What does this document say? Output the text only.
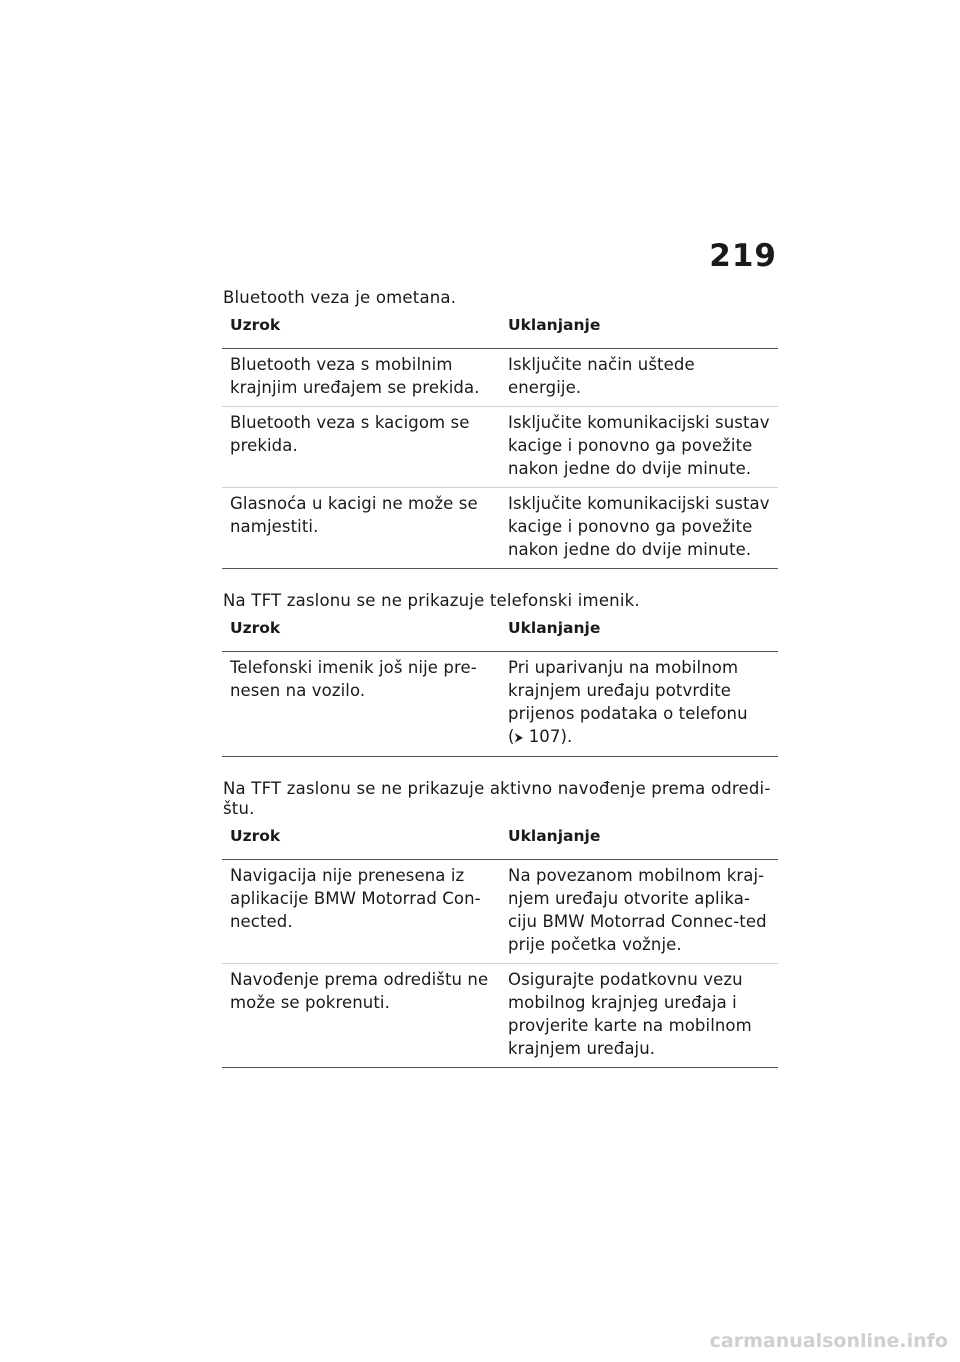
219

Bluetooth veza je ometana.

Uzrok	Uklanjanje
Bluetooth veza s mobilnim krajnjim uređajem se prekida.	Isključite način uštede energije.
Bluetooth veza s kacigom se prekida.	Isključite komunikacijski sustav kacige i ponovno ga povežite nakon jedne do dvije minute.
Glasnoća u kacigi ne može se namjestiti.	Isključite komunikacijski sustav kacige i ponovno ga povežite nakon jedne do dvije minute.

Na TFT zaslonu se ne prikazuje telefonski imenik.

Uzrok	Uklanjanje
Telefonski imenik još nije pre-nesen na vozilo.	Pri uparivanju na mobilnom krajnjem uređaju potvrdite prijenos podataka o telefonu
(⮞ 107).

Na TFT zaslonu se ne prikazuje aktivno navođenje prema odredi-štu.

Uzrok	Uklanjanje
Navigacija nije prenesena iz aplikacije BMW Motorrad Con-nected.	Na povezanom mobilnom kraj-njem uređaju otvorite aplika-ciju BMW Motorrad Connec-ted prije početka vožnje.
Navođenje prema odredištu ne može se pokrenuti.	Osigurajte podatkovnu vezu mobilnog krajnjeg uređaja i provjerite karte na mobilnom krajnjem uređaju.
carmanualsonline.info
